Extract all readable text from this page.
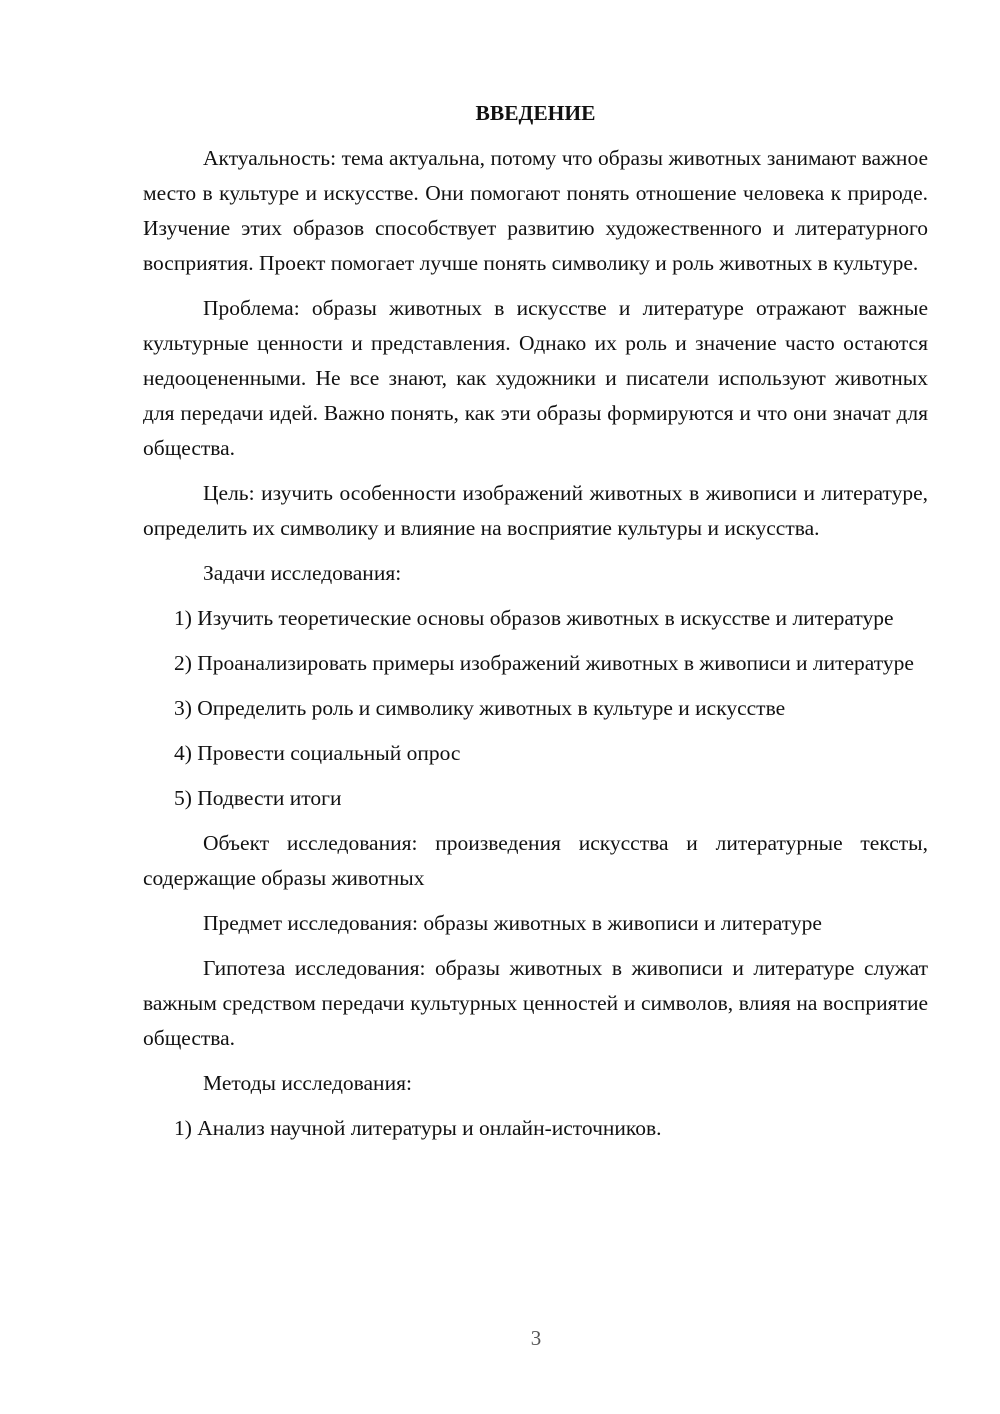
ВВЕДЕНИЕ

Актуальность: тема актуальна, потому что образы животных занимают важное место в культуре и искусстве. Они помогают понять отношение человека к природе. Изучение этих образов способствует развитию художественного и литературного восприятия. Проект помогает лучше понять символику и роль животных в культуре.

Проблема: образы животных в искусстве и литературе отражают важные культурные ценности и представления. Однако их роль и значение часто остаются недооцененными. Не все знают, как художники и писатели используют животных для передачи идей. Важно понять, как эти образы формируются и что они значат для общества.

Цель: изучить особенности изображений животных в живописи и литературе, определить их символику и влияние на восприятие культуры и искусства.

Задачи исследования:

1) Изучить теоретические основы образов животных в искусстве и литературе

2) Проанализировать примеры изображений животных в живописи и литературе

3) Определить роль и символику животных в культуре и искусстве

4) Провести социальный опрос

5) Подвести итоги

Объект исследования: произведения искусства и литературные тексты, содержащие образы животных

Предмет исследования: образы животных в живописи и литературе

Гипотеза исследования: образы животных в живописи и литературе служат важным средством передачи культурных ценностей и символов, влияя на восприятие общества.

Методы исследования:

1) Анализ научной литературы и онлайн-источников.

3
